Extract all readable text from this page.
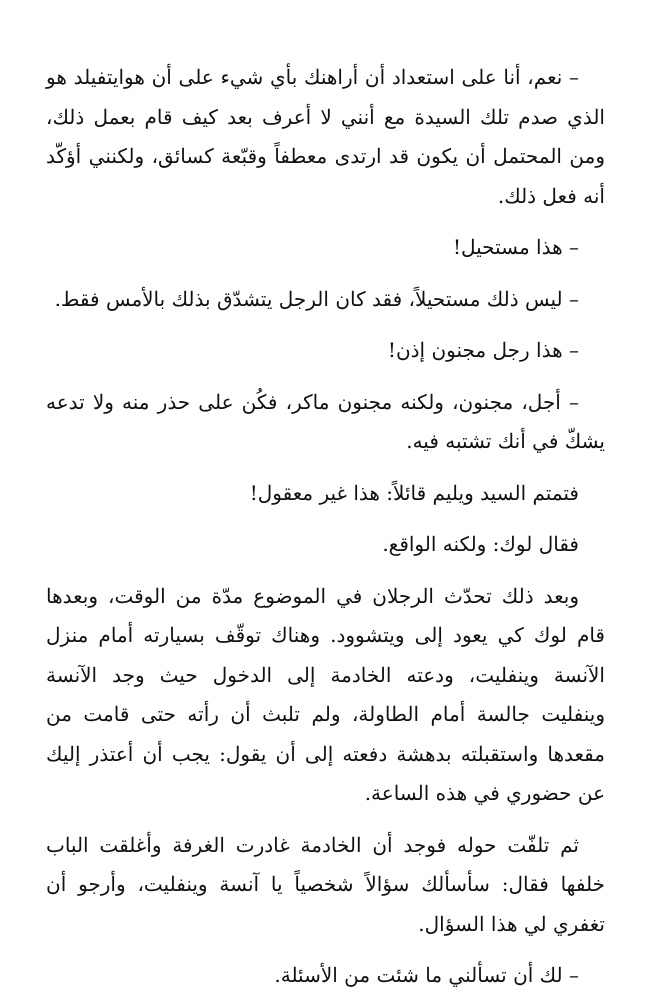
– نعم، أنا على استعداد أن أراهنك بأي شيء على أن هوايتفيلد هو الذي صدم تلك السيدة مع أنني لا أعرف بعد كيف قام بعمل ذلك، ومن المحتمل أن يكون قد ارتدى معطفاً وقبّعة كسائق، ولكنني أؤكّد أنه فعل ذلك.

– هذا مستحيل!

– ليس ذلك مستحيلاً، فقد كان الرجل يتشدّق بذلك بالأمس فقط.

– هذا رجل مجنون إذن!

– أجل، مجنون، ولكنه مجنون ماكر، فكُن على حذر منه ولا تدعه يشكّ في أنك تشتبه فيه.

فتمتم السيد ويليم قائلاً: هذا غير معقول!

فقال لوك: ولكنه الواقع.

وبعد ذلك تحدّث الرجلان في الموضوع مدّة من الوقت، وبعدها قام لوك كي يعود إلى ويتشوود. وهناك توقّف بسيارته أمام منزل الآنسة وينفليت، ودعته الخادمة إلى الدخول حيث وجد الآنسة وينفليت جالسة أمام الطاولة، ولم تلبث أن رأته حتى قامت من مقعدها واستقبلته بدهشة دفعته إلى أن يقول: يجب أن أعتذر إليك عن حضوري في هذه الساعة.

ثم تلفّت حوله فوجد أن الخادمة غادرت الغرفة وأغلقت الباب خلفها فقال: سأسألك سؤالاً شخصياً يا آنسة وينفليت، وأرجو أن تغفري لي هذا السؤال.

– لك أن تسألني ما شئت من الأسئلة.
